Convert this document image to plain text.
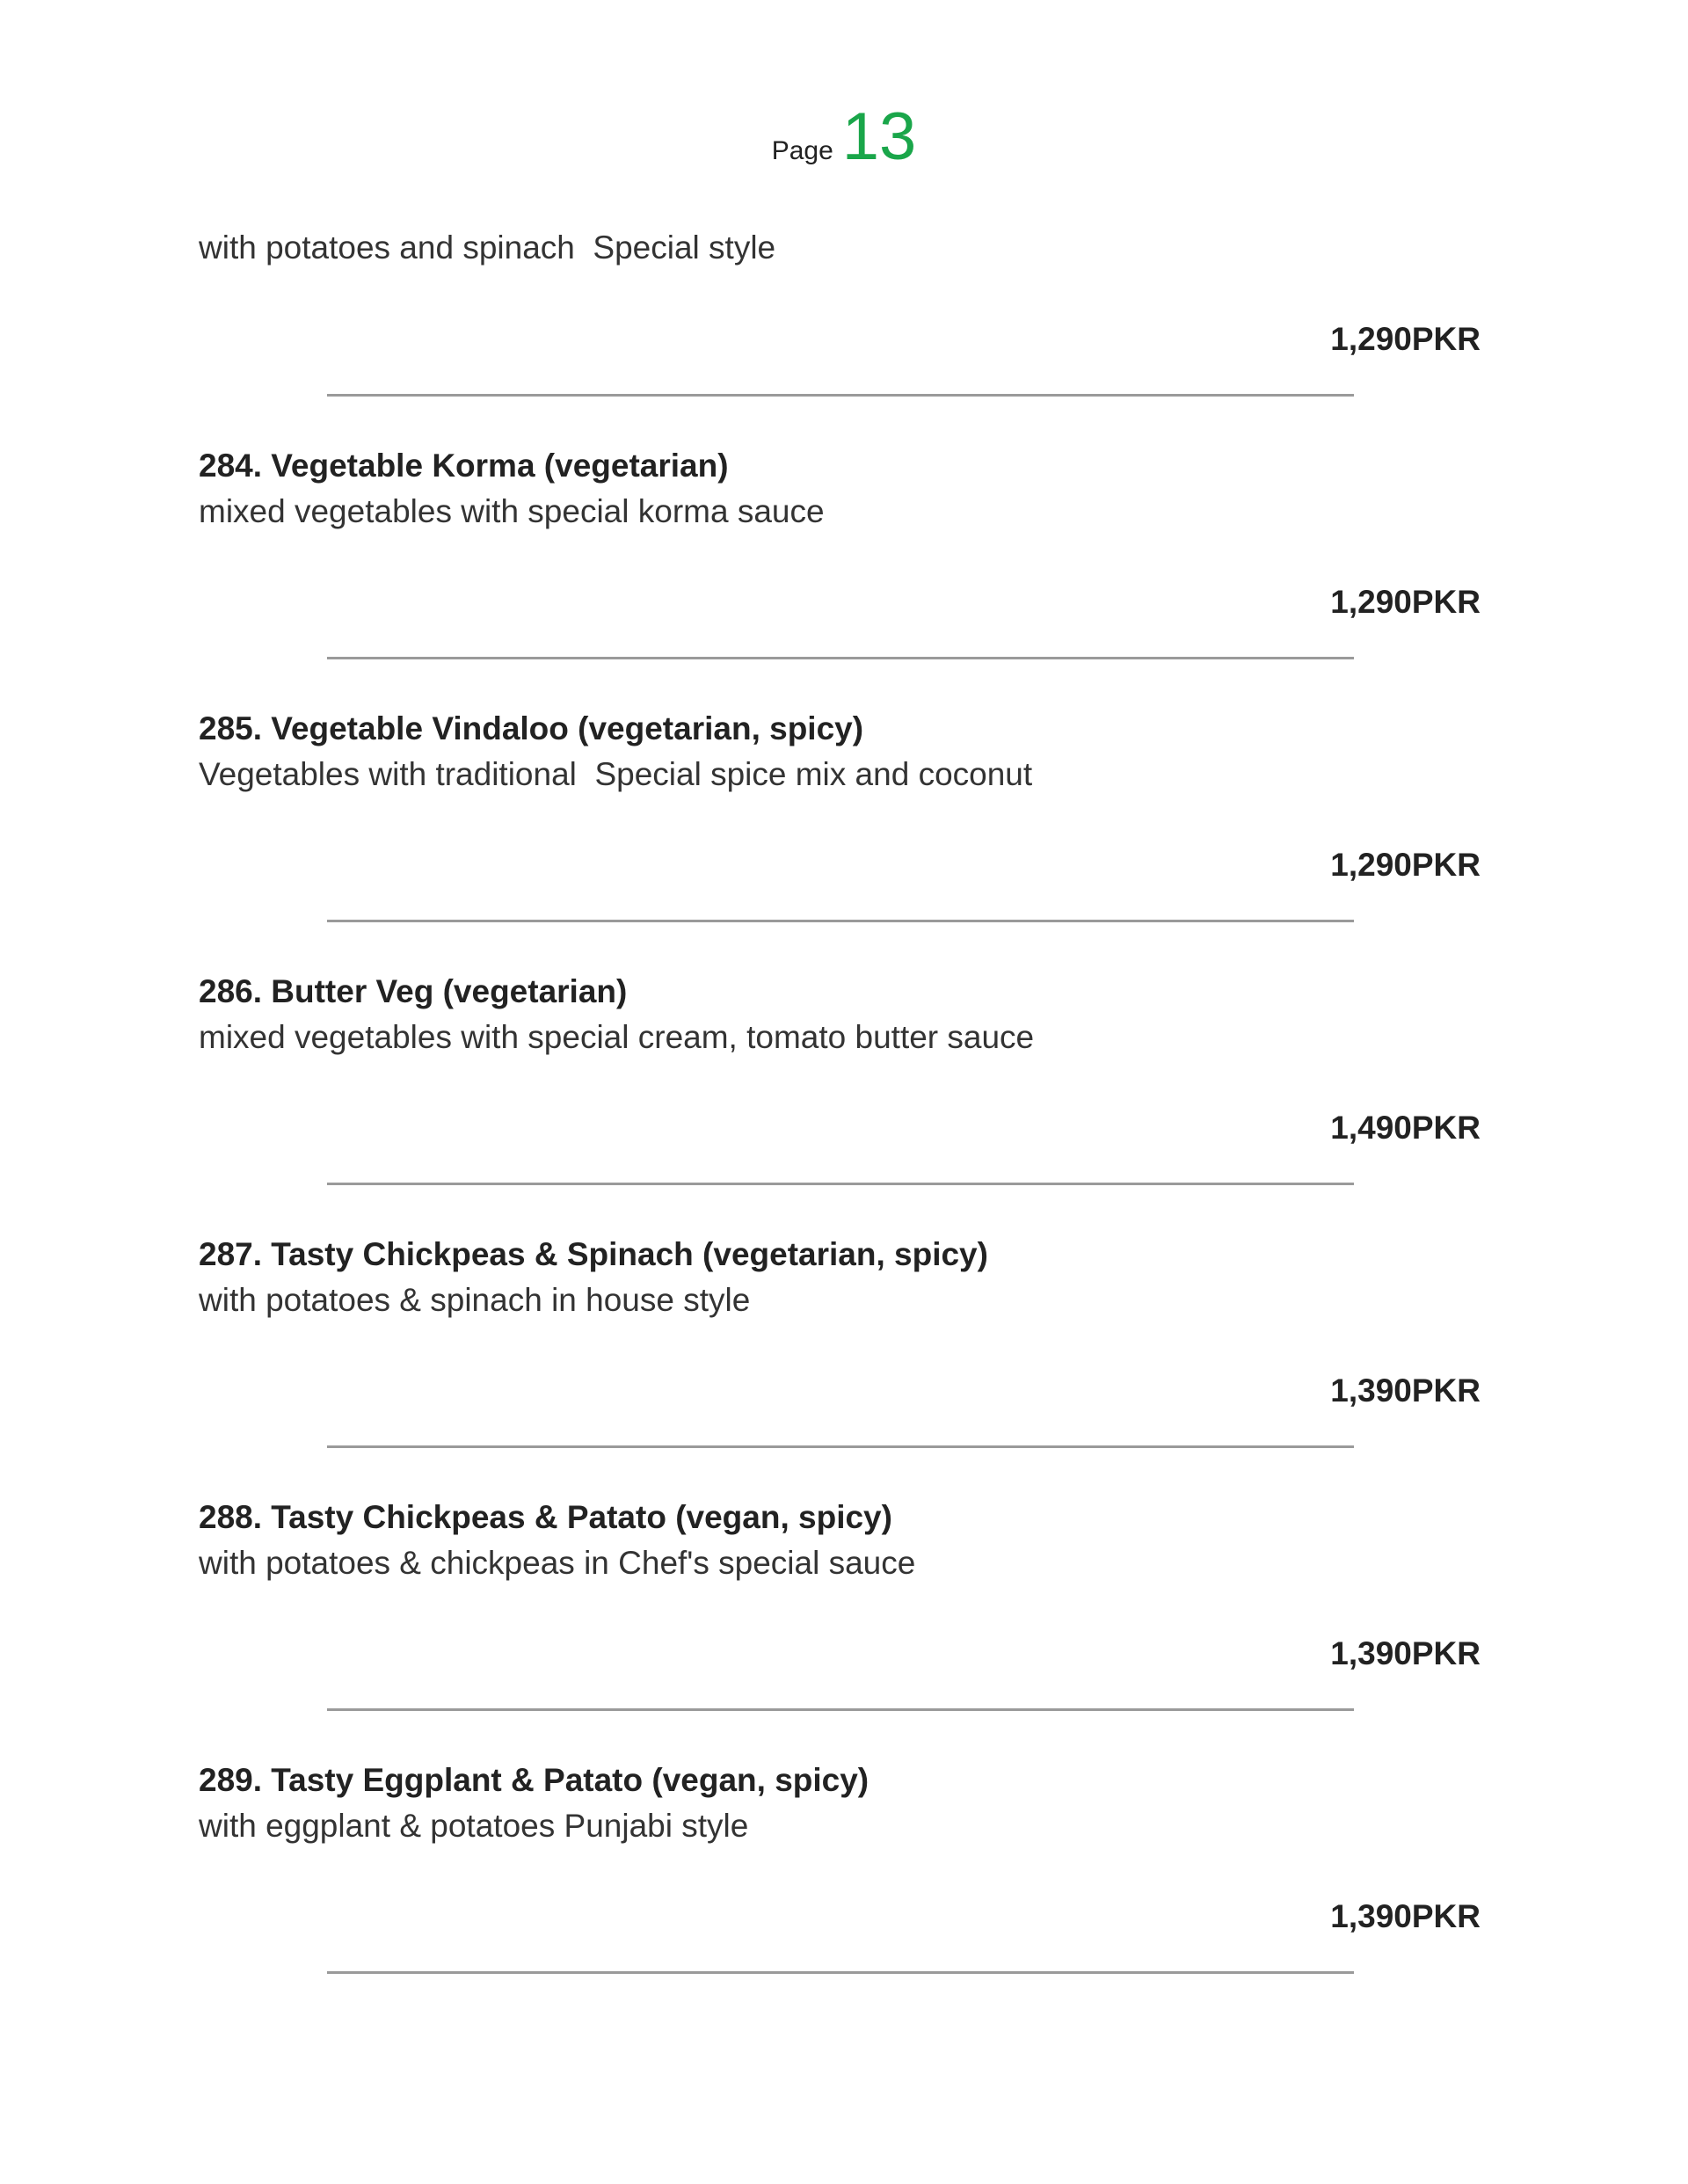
Page 13
with potatoes and spinach  Special style
1,290PKR
284. Vegetable Korma (vegetarian)
mixed vegetables with special korma sauce
1,290PKR
285. Vegetable Vindaloo (vegetarian, spicy)
Vegetables with traditional  Special spice mix and coconut
1,290PKR
286. Butter Veg (vegetarian)
mixed vegetables with special cream, tomato butter sauce
1,490PKR
287. Tasty Chickpeas & Spinach (vegetarian, spicy)
with potatoes & spinach in house style
1,390PKR
288. Tasty Chickpeas & Patato (vegan, spicy)
with potatoes & chickpeas in Chef's special sauce
1,390PKR
289. Tasty Eggplant & Patato (vegan, spicy)
with eggplant & potatoes Punjabi style
1,390PKR
